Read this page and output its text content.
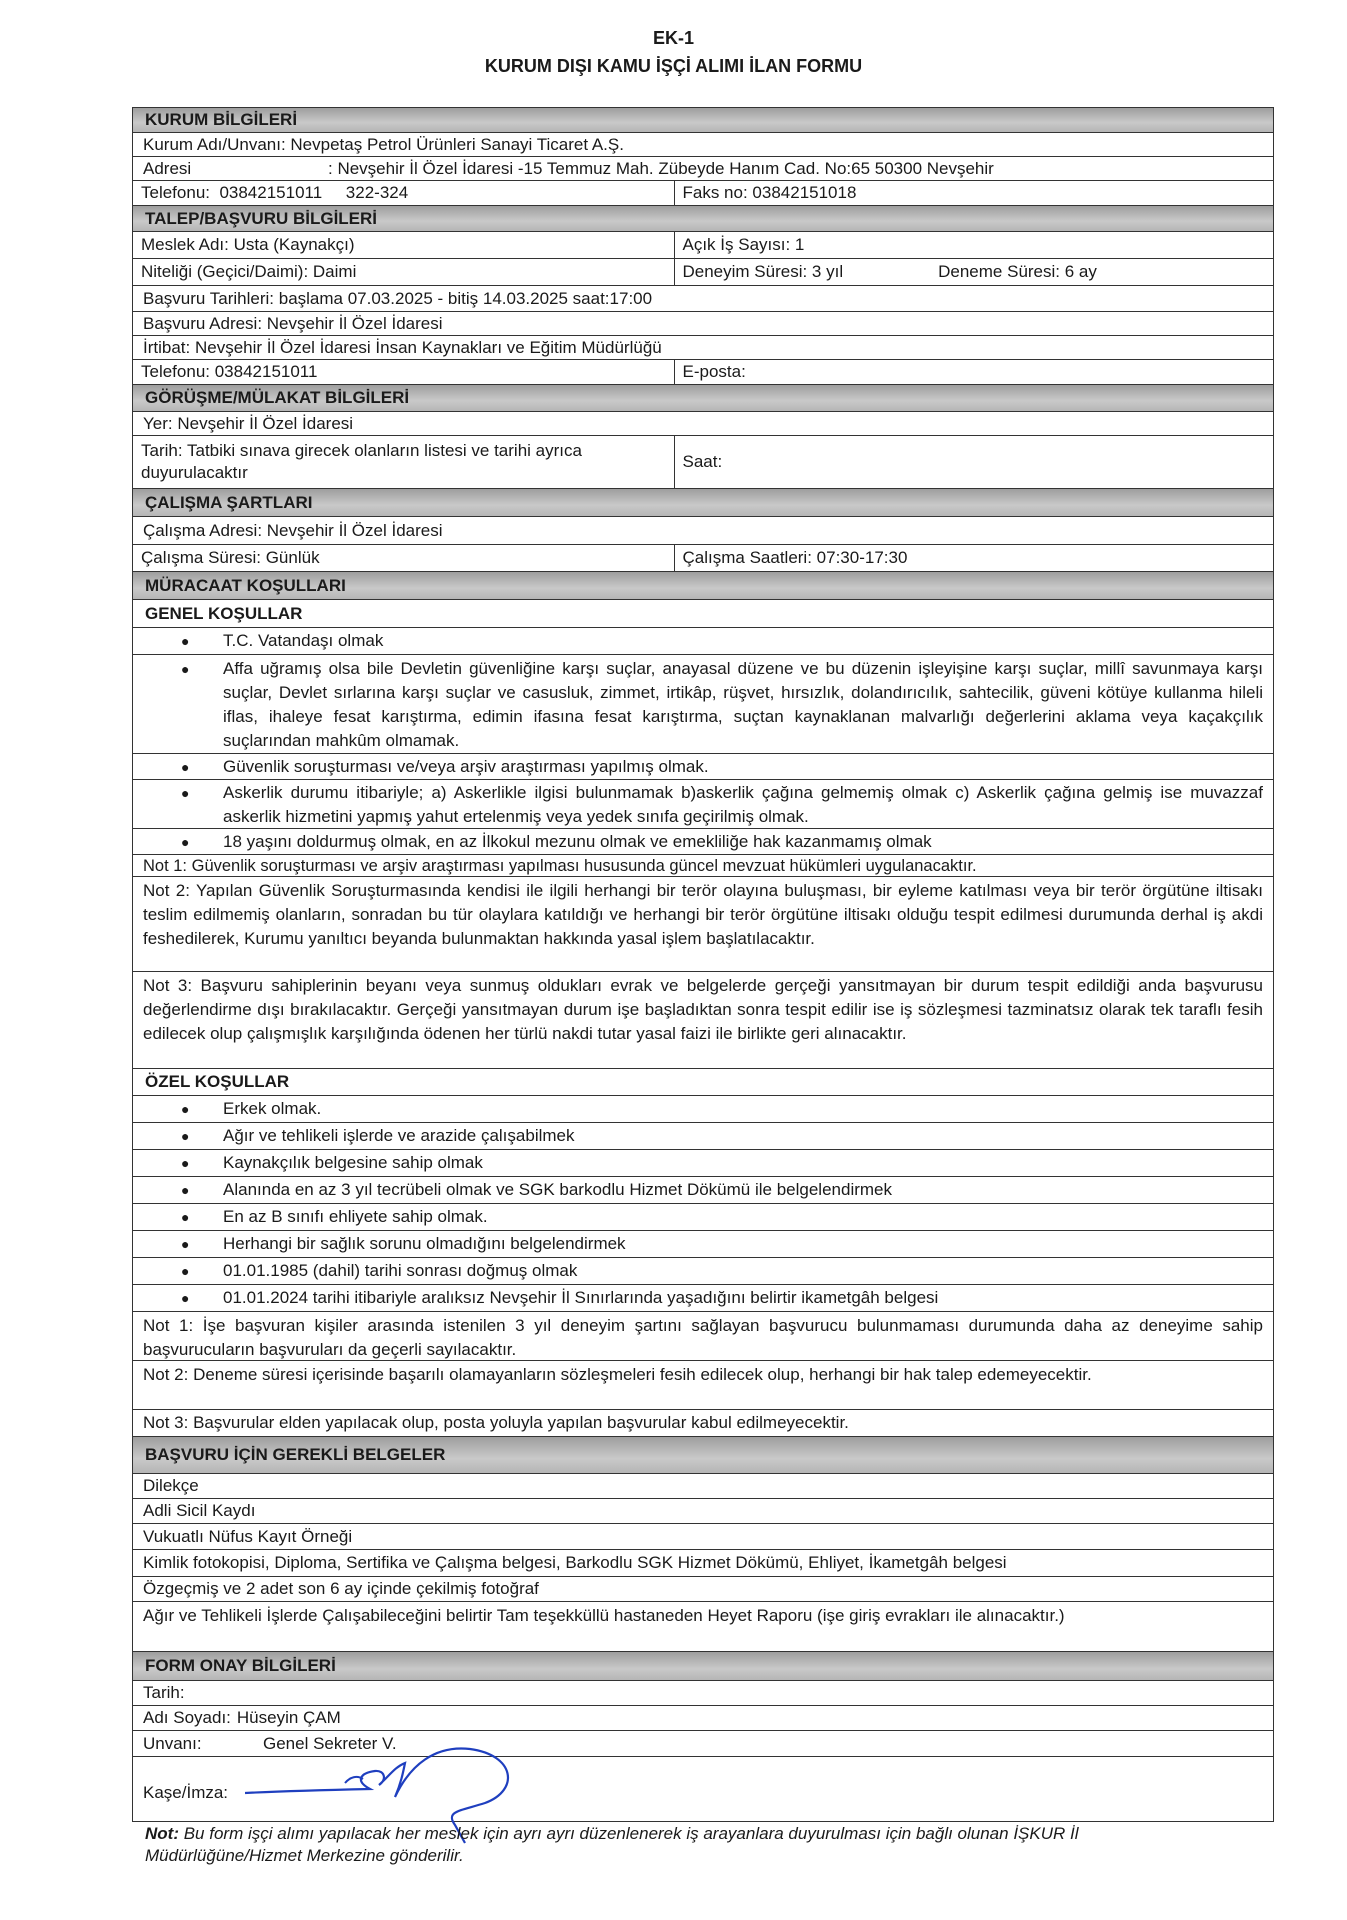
EK-1
KURUM DIŞI KAMU İŞÇİ ALIMI İLAN FORMU
KURUM BİLGİLERİ
Kurum Adı/Unvanı: Nevpetaş Petrol Ürünleri Sanayi Ticaret A.Ş.
Adresi	: Nevşehir İl Özel İdaresi -15 Temmuz Mah. Zübeyde Hanım Cad. No:65 50300 Nevşehir
Telefonu:  03842151011     322-324	Faks no: 03842151018
TALEP/BAŞVURU BİLGİLERİ
Meslek Adı: Usta (Kaynakçı)	Açık İş Sayısı: 1
Niteliği (Geçici/Daimi): Daimi	Deneyim Süresi: 3 yıl	Deneme Süresi: 6 ay
Başvuru Tarihleri: başlama 07.03.2025 - bitiş 14.03.2025 saat:17:00
Başvuru Adresi: Nevşehir İl Özel İdaresi
İrtibat: Nevşehir İl Özel İdaresi İnsan Kaynakları ve Eğitim Müdürlüğü
Telefonu: 03842151011	E-posta:
GÖRÜŞME/MÜLAKAT BİLGİLERİ
Yer: Nevşehir İl Özel İdaresi
Tarih: Tatbiki sınava girecek olanların listesi ve tarihi ayrıca duyurulacaktır
Saat:
ÇALIŞMA ŞARTLARI
Çalışma Adresi: Nevşehir İl Özel İdaresi
Çalışma Süresi: Günlük	Çalışma Saatleri: 07:30-17:30
MÜRACAAT KOŞULLARI
GENEL KOŞULLAR
●	T.C. Vatandaşı olmak
●	Affa uğramış olsa bile Devletin güvenliğine karşı suçlar, anayasal düzene ve bu düzenin işleyişine karşı suçlar, millî savunmaya karşı suçlar, Devlet sırlarına karşı suçlar ve casusluk, zimmet, irtikâp, rüşvet, hırsızlık, dolandırıcılık, sahtecilik, güveni kötüye kullanma hileli iflas, ihaleye fesat karıştırma, edimin ifasına fesat karıştırma, suçtan kaynaklanan malvarlığı değerlerini aklama veya kaçakçılık suçlarından mahkûm olmamak.
●	Güvenlik soruşturması ve/veya arşiv araştırması yapılmış olmak.
●	Askerlik durumu itibariyle; a) Askerlikle ilgisi bulunmamak b)askerlik çağına gelmemiş olmak c) Askerlik çağına gelmiş ise muvazzaf askerlik hizmetini yapmış yahut ertelenmiş veya yedek sınıfa geçirilmiş olmak.
●	18 yaşını doldurmuş olmak, en az İlkokul mezunu olmak ve emekliliğe hak kazanmamış olmak
Not 1: Güvenlik soruşturması ve arşiv araştırması yapılması hususunda güncel mevzuat hükümleri uygulanacaktır.
Not 2: Yapılan Güvenlik Soruşturmasında kendisi ile ilgili herhangi bir terör olayına buluşması, bir eyleme katılması veya bir terör örgütüne iltisakı teslim edilmemiş olanların, sonradan bu tür olaylara katıldığı ve herhangi bir terör örgütüne iltisakı olduğu tespit edilmesi durumunda derhal iş akdi feshedilerek, Kurumu yanıltıcı beyanda bulunmaktan hakkında yasal işlem başlatılacaktır.
Not 3: Başvuru sahiplerinin beyanı veya sunmuş oldukları evrak ve belgelerde gerçeği yansıtmayan bir durum tespit edildiği anda başvurusu değerlendirme dışı bırakılacaktır. Gerçeği yansıtmayan durum işe başladıktan sonra tespit edilir ise iş sözleşmesi tazminatsız olarak tek taraflı fesih edilecek olup çalışmışlık karşılığında ödenen her türlü nakdi tutar yasal faizi ile birlikte geri alınacaktır.
ÖZEL KOŞULLAR
●	Erkek olmak.
●	Ağır ve tehlikeli işlerde ve arazide çalışabilmek
●	Kaynakçılık belgesine sahip olmak
●	Alanında en az 3 yıl tecrübeli olmak ve SGK barkodlu Hizmet Dökümü ile belgelendirmek
●	En az B sınıfı ehliyete sahip olmak.
●	Herhangi bir sağlık sorunu olmadığını belgelendirmek
●	01.01.1985 (dahil) tarihi sonrası doğmuş olmak
●	01.01.2024 tarihi itibariyle aralıksız Nevşehir İl Sınırlarında yaşadığını belirtir ikametgâh belgesi
Not 1: İşe başvuran kişiler arasında istenilen 3 yıl deneyim şartını sağlayan başvurucu bulunmaması durumunda daha az deneyime sahip başvurucuların başvuruları da geçerli sayılacaktır.
Not 2: Deneme süresi içerisinde başarılı olamayanların sözleşmeleri fesih edilecek olup, herhangi bir hak talep edemeyecektir.
Not 3: Başvurular elden yapılacak olup, posta yoluyla yapılan başvurular kabul edilmeyecektir.
BAŞVURU İÇİN GEREKLİ BELGELER
Dilekçe
Adli Sicil Kaydı
Vukuatlı Nüfus Kayıt Örneği
Kimlik fotokopisi, Diploma, Sertifika ve Çalışma belgesi, Barkodlu SGK Hizmet Dökümü, Ehliyet, İkametgâh belgesi
Özgeçmiş ve 2 adet son 6 ay içinde çekilmiş fotoğraf
Ağır ve Tehlikeli İşlerde Çalışabileceğini belirtir Tam teşekküllü hastaneden Heyet Raporu (işe giriş evrakları ile alınacaktır.)
FORM ONAY BİLGİLERİ
Tarih:
Adı Soyadı: Hüseyin ÇAM
Unvanı:	Genel Sekreter V.
Kaşe/İmza:
Not: Bu form işçi alımı yapılacak her meslek için ayrı ayrı düzenlenerek iş arayanlara duyurulması için bağlı olunan İŞKUR İl Müdürlüğüne/Hizmet Merkezine gönderilir.
